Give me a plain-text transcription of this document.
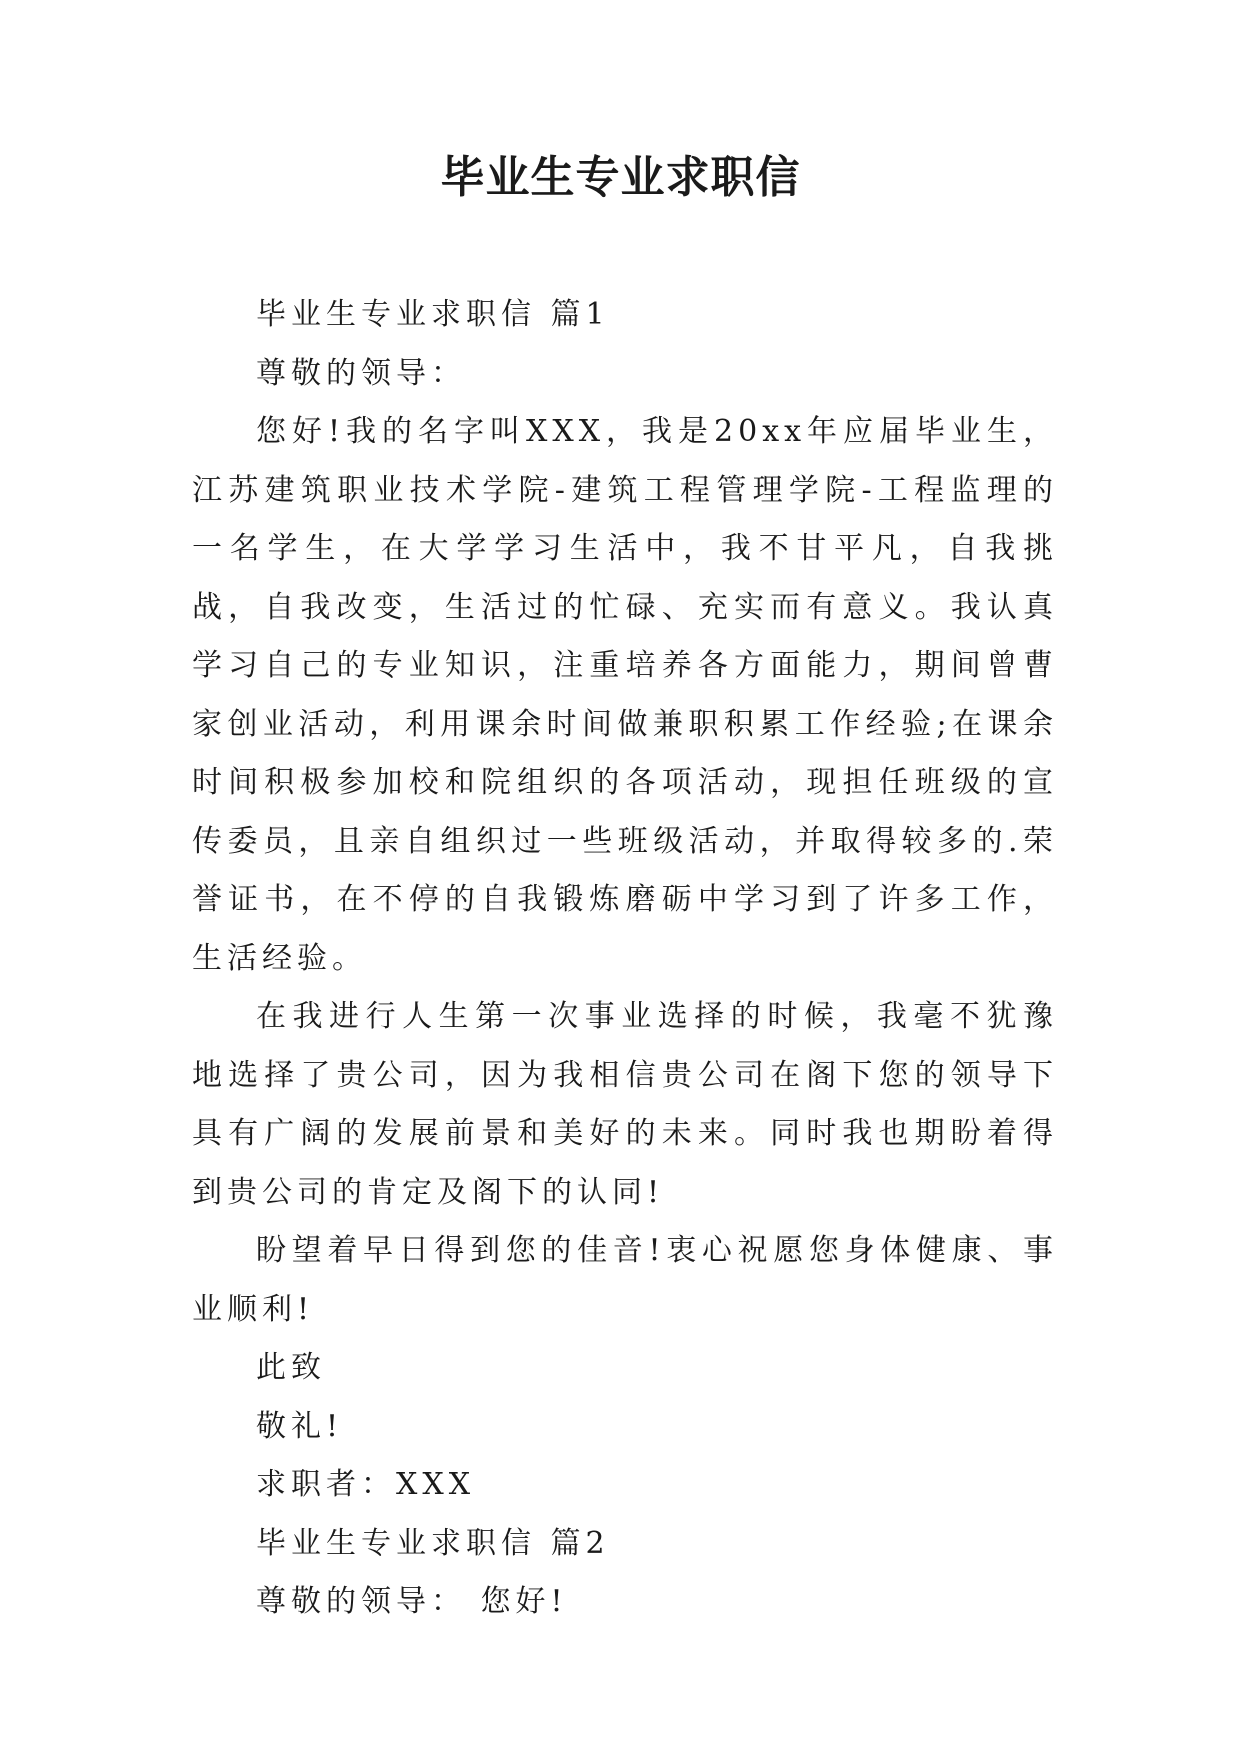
毕业生专业求职信

毕业生专业求职信 篇1

尊敬的领导：

您好!我的名字叫XXX，我是20xx年应届毕业生，江苏建筑职业技术学院-建筑工程管理学院-工程监理的一名学生，在大学学习生活中，我不甘平凡，自我挑战，自我改变，生活过的忙碌、充实而有意义。我认真学习自己的专业知识，注重培养各方面能力，期间曾曹家创业活动，利用课余时间做兼职积累工作经验;在课余时间积极参加校和院组织的各项活动，现担任班级的宣传委员，且亲自组织过一些班级活动，并取得较多的.荣誉证书，在不停的自我锻炼磨砺中学习到了许多工作，生活经验。

在我进行人生第一次事业选择的时候，我毫不犹豫地选择了贵公司，因为我相信贵公司在阁下您的领导下具有广阔的发展前景和美好的未来。同时我也期盼着得到贵公司的肯定及阁下的认同!

盼望着早日得到您的佳音!衷心祝愿您身体健康、事业顺利!

此致

敬礼!

求职者：XXX

毕业生专业求职信 篇2

尊敬的领导： 您好!
